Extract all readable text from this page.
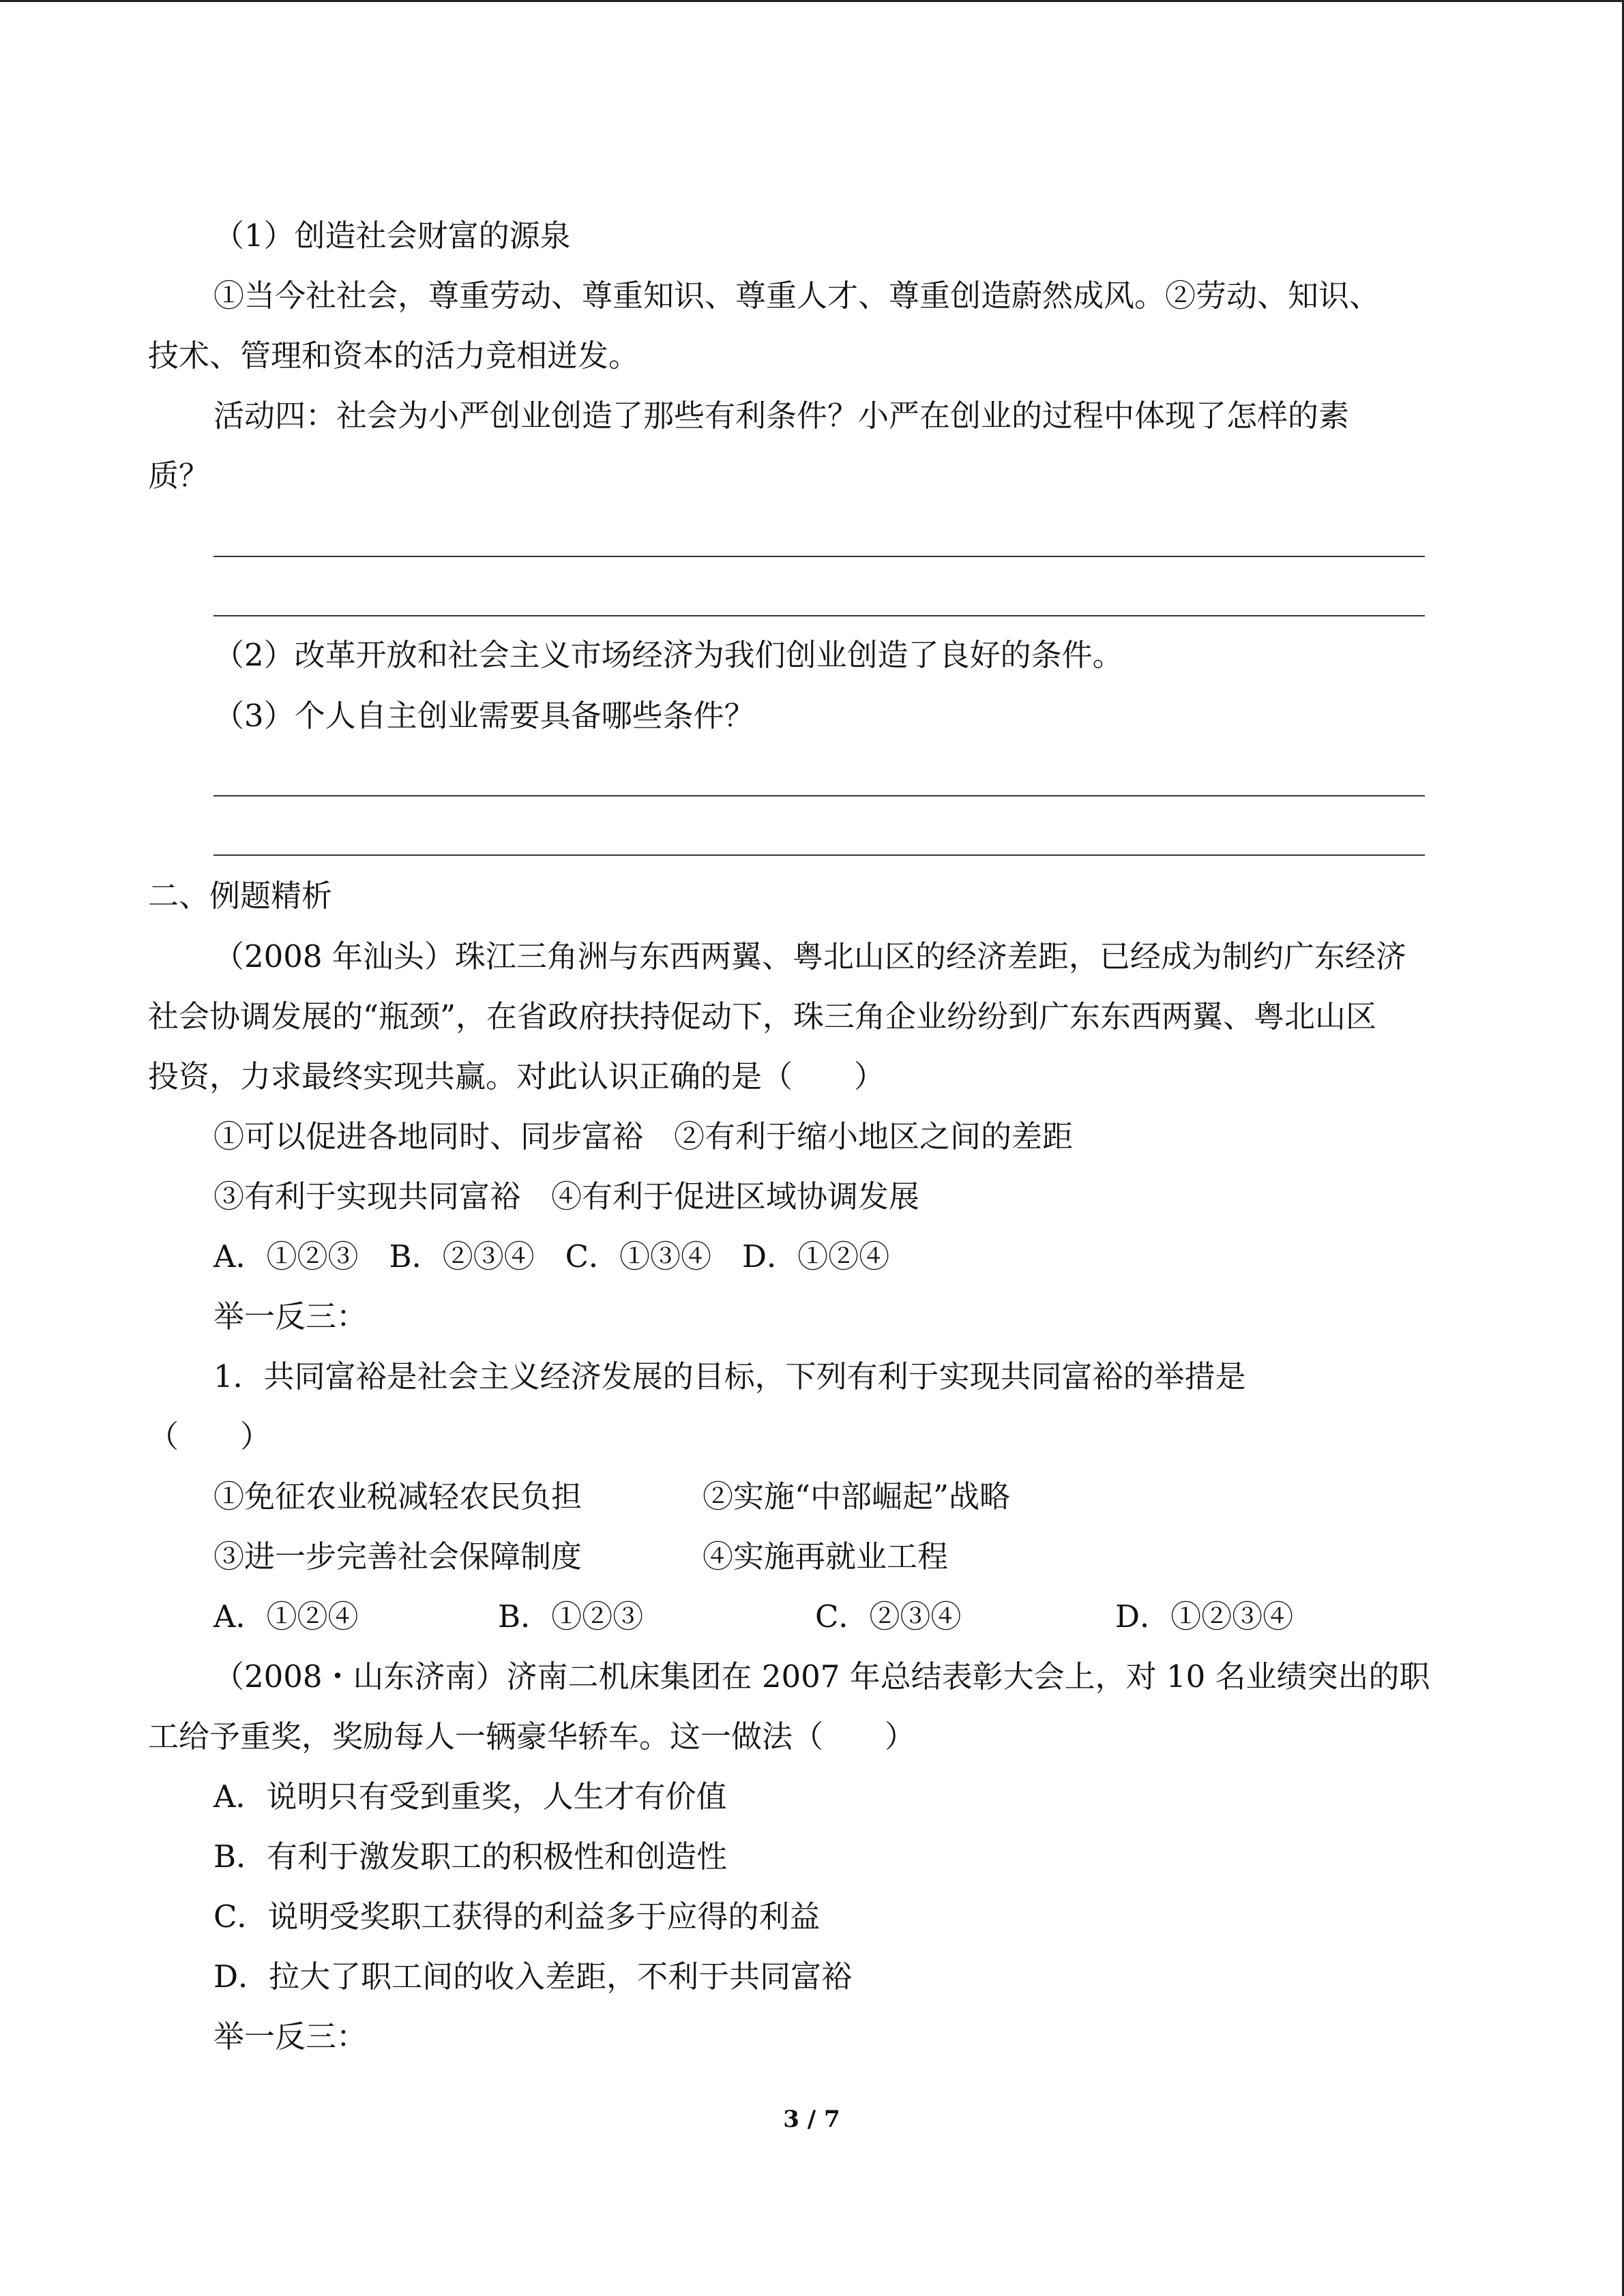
（1）创造社会财富的源泉
①当今社社会，尊重劳动、尊重知识、尊重人才、尊重创造蔚然成风。②劳动、知识、
技术、管理和资本的活力竞相迸发。
活动四：社会为小严创业创造了那些有利条件？小严在创业的过程中体现了怎样的素
质？
（2）改革开放和社会主义市场经济为我们创业创造了良好的条件。
（3）个人自主创业需要具备哪些条件？
二、例题精析
（2008 年汕头）珠江三角洲与东西两翼、粤北山区的经济差距，已经成为制约广东经济
社会协调发展的“瓶颈”，在省政府扶持促动下，珠三角企业纷纷到广东东西两翼、粤北山区
投资，力求最终实现共赢。对此认识正确的是（　　）
①可以促进各地同时、同步富裕　②有利于缩小地区之间的差距
③有利于实现共同富裕　④有利于促进区域协调发展
A．①②③　B．②③④　C．①③④　D．①②④
举一反三：
1．共同富裕是社会主义经济发展的目标，下列有利于实现共同富裕的举措是
（　　）
①免征农业税减轻农民负担	②实施“中部崛起”战略
③进一步完善社会保障制度	④实施再就业工程
A．①②④	B．①②③	C．②③④	D．①②③④
（2008・山东济南）济南二机床集团在 2007 年总结表彰大会上，对 10 名业绩突出的职
工给予重奖，奖励每人一辆豪华轿车。这一做法（　　）
A．说明只有受到重奖，人生才有价值
B．有利于激发职工的积极性和创造性
C．说明受奖职工获得的利益多于应得的利益
D．拉大了职工间的收入差距，不利于共同富裕
举一反三：
3 / 7
